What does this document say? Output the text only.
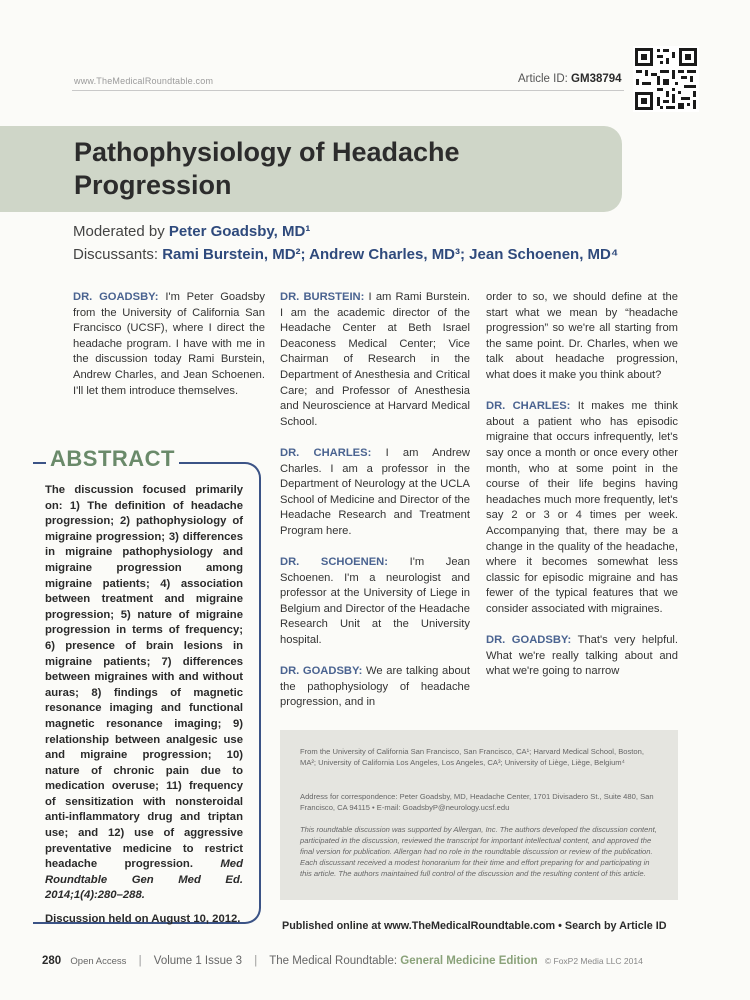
www.TheMedicalRoundtable.com	Article ID: GM38794
Pathophysiology of Headache Progression
Moderated by Peter Goadsby, MD¹
Discussants: Rami Burstein, MD²; Andrew Charles, MD³; Jean Schoenen, MD⁴

DR. GOADSBY: I'm Peter Goadsby from the University of California San Francisco (UCSF), where I direct the headache program. I have with me in the discussion today Rami Burstein, Andrew Charles, and Jean Schoenen. I'll let them introduce themselves.

DR. BURSTEIN: I am Rami Burstein. I am the academic director of the Headache Center at Beth Israel Deaconess Medical Center; Vice Chairman of Research in the Department of Anesthesia and Critical Care; and Professor of Anesthesia and Neuroscience at Harvard Medical School.

DR. CHARLES: I am Andrew Charles. I am a professor in the Department of Neurology at the UCLA School of Medicine and Director of the Headache Research and Treatment Program here.

DR. SCHOENEN: I'm Jean Schoenen. I'm a neurologist and professor at the University of Liege in Belgium and Director of the Headache Research Unit at the University hospital.

DR. GOADSBY: We are talking about the pathophysiology of headache progression, and in

order to so, we should define at the start what we mean by “headache progression” so we're all starting from the same point. Dr. Charles, when we talk about headache progression, what does it make you think about?

DR. CHARLES: It makes me think about a patient who has episodic migraine that occurs infrequently, let's say once a month or once every other month, who at some point in the course of their life begins having headaches much more frequently, let's say 2 or 3 or 4 times per week. Accompanying that, there may be a change in the quality of the headache, where it becomes somewhat less classic for episodic migraine and has fewer of the typical features that we consider associated with migraines.

DR. GOADSBY: That's very helpful. What we're really talking about and what we're going to narrow

ABSTRACT

The discussion focused primarily on: 1) The definition of headache progression; 2) pathophysiology of migraine progression; 3) differences in migraine pathophysiology and migraine progression among migraine patients; 4) association between treatment and migraine progression; 5) nature of migraine progression in terms of frequency; 6) presence of brain lesions in migraine patients; 7) differences between migraines with and without auras; 8) findings of magnetic resonance imaging and functional magnetic resonance imaging; 9) relationship between analgesic use and migraine progression; 10) nature of chronic pain due to medication overuse; 11) frequency of sensitization with nonsteroidal anti-inflammatory drug and triptan use; and 12) use of aggressive preventative medicine to restrict headache progression. Med Roundtable Gen Med Ed. 2014;1(4):280–288.

Discussion held on August 10, 2012.

From the University of California San Francisco, San Francisco, CA¹; Harvard Medical School, Boston, MA²; University of California Los Angeles, Los Angeles, CA³; University of Liège, Liège, Belgium⁴
Address for correspondence: Peter Goadsby, MD, Headache Center, 1701 Divisadero St., Suite 480, San Francisco, CA 94115 • E-mail: GoadsbyP@neurology.ucsf.edu
This roundtable discussion was supported by Allergan, Inc. The authors developed the discussion content, participated in the discussion, reviewed the transcript for important intellectual content, and approved the final version for publication. Allergan had no role in the roundtable discussion or review of the publication. Each discussant received a modest honorarium for their time and effort preparing for and participating in this article. The authors maintained full control of the discussion and the resulting content of this article.
Published online at www.TheMedicalRoundtable.com • Search by Article ID
280 Open Access | Volume 1 Issue 3 | The Medical Roundtable: General Medicine Edition © FoxP2 Media LLC 2014
